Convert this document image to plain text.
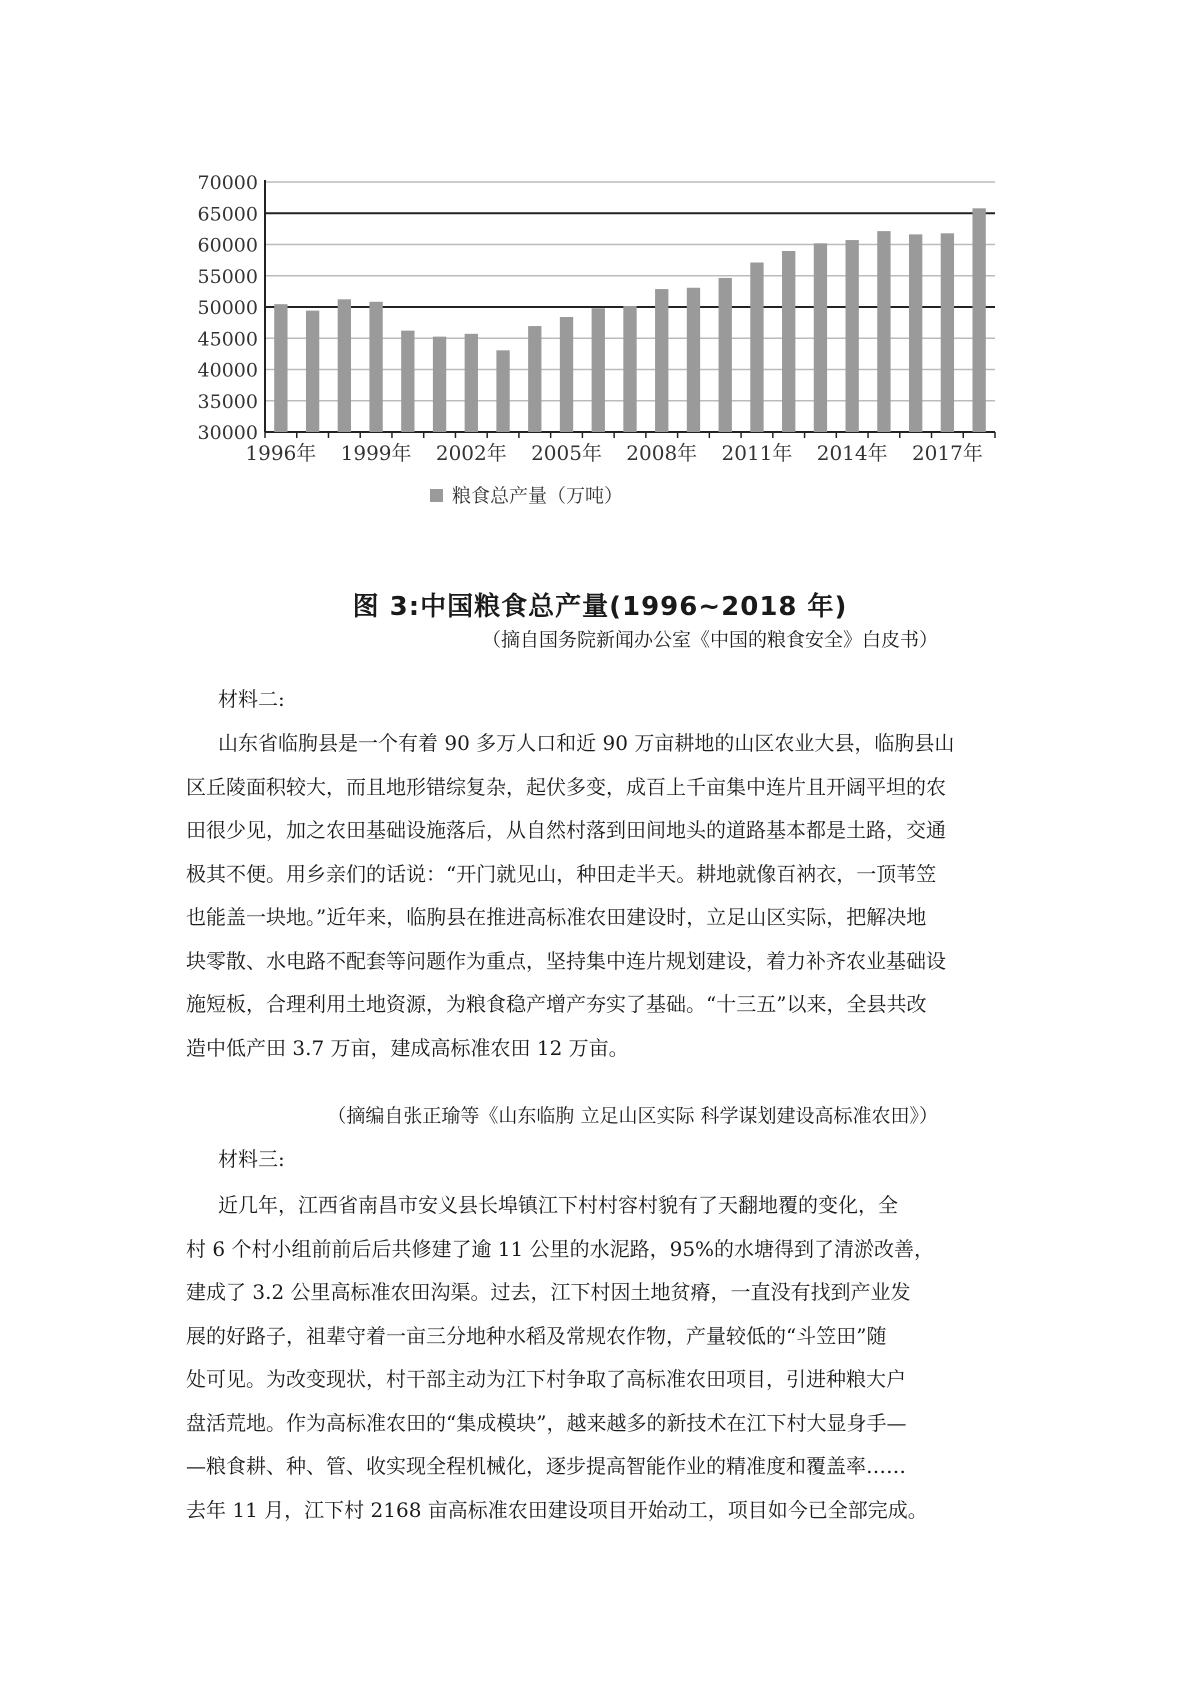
30000
35000
40000
45000
50000
55000
60000
65000
70000
1996年 1999年 2002年 2005年 2008年 2011年 2014年 2017年
粮食总产量（万吨）
图 3:中国粮食总产量(1996~2018 年)
（摘自国务院新闻办公室《中国的粮食安全》白皮书）
材料二:
山东省临朐县是一个有着 90 多万人口和近 90 万亩耕地的山区农业大县，临朐县山
区丘陵面积较大，而且地形错综复杂，起伏多变，成百上千亩集中连片且开阔平坦的农
田很少见，加之农田基础设施落后，从自然村落到田间地头的道路基本都是土路，交通
极其不便。用乡亲们的话说：“开门就见山，种田走半天。耕地就像百衲衣，一顶苇笠
也能盖一块地。”近年来，临朐县在推进高标准农田建设时，立足山区实际，把解决地
块零散、水电路不配套等问题作为重点，坚持集中连片规划建设，着力补齐农业基础设
施短板，合理利用土地资源，为粮食稳产增产夯实了基础。“十三五”以来，全县共改
造中低产田 3.7 万亩，建成高标准农田 12 万亩。
（摘编自张正瑜等《山东临朐 立足山区实际 科学谋划建设高标准农田》）
材料三:
近几年，江西省南昌市安义县长埠镇江下村村容村貌有了天翻地覆的变化，全
村 6 个村小组前前后后共修建了逾 11 公里的水泥路，95%的水塘得到了清淤改善，
建成了 3.2 公里高标准农田沟渠。过去，江下村因土地贫瘠，一直没有找到产业发
展的好路子，祖辈守着一亩三分地种水稻及常规农作物，产量较低的“斗笠田”随
处可见。为改变现状，村干部主动为江下村争取了高标准农田项目，引进种粮大户
盘活荒地。作为高标准农田的“集成模块”，越来越多的新技术在江下村大显身手—
—粮食耕、种、管、收实现全程机械化，逐步提高智能作业的精准度和覆盖率……
去年 11 月，江下村 2168 亩高标准农田建设项目开始动工，项目如今已全部完成。
